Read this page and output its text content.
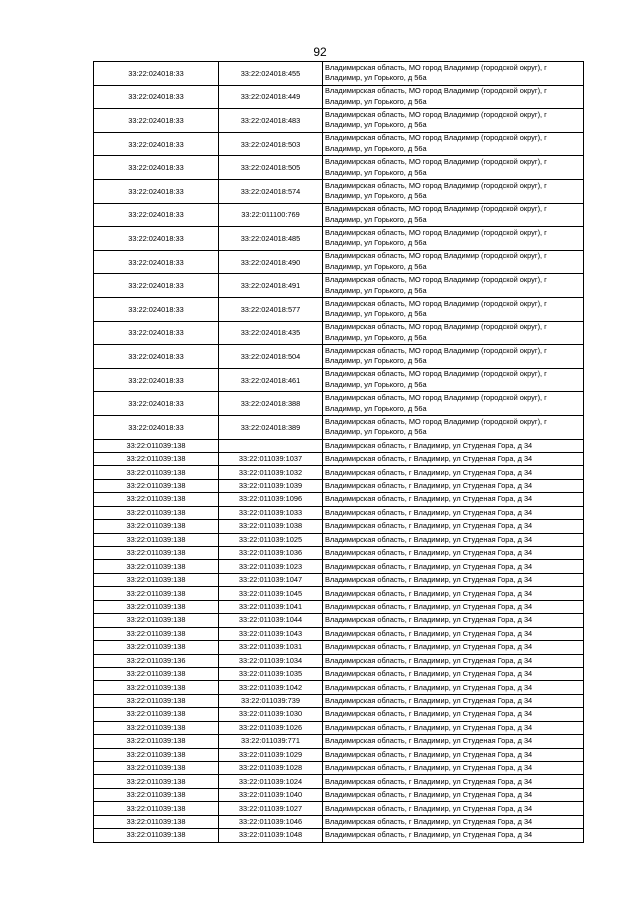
92
33:22:024018:33	33:22:024018:455	Владимирская область, МО город Владимир (городской округ), г Владимир, ул Горького, д 56а
33:22:024018:33	33:22:024018:449	Владимирская область, МО город Владимир (городской округ), г Владимир, ул Горького, д 56а
33:22:024018:33	33:22:024018:483	Владимирская область, МО город Владимир (городской округ), г Владимир, ул Горького, д 56а
33:22:024018:33	33:22:024018:503	Владимирская область, МО город Владимир (городской округ), г Владимир, ул Горького, д 56а
33:22:024018:33	33:22:024018:505	Владимирская область, МО город Владимир (городской округ), г Владимир, ул Горького, д 56а
33:22:024018:33	33:22:024018:574	Владимирская область, МО город Владимир (городской округ), г Владимир, ул Горького, д 56а
33:22:024018:33	33:22:011100:769	Владимирская область, МО город Владимир (городской округ), г Владимир, ул Горького, д 56а
33:22:024018:33	33:22:024018:485	Владимирская область, МО город Владимир (городской округ), г Владимир, ул Горького, д 56а
33:22:024018:33	33:22:024018:490	Владимирская область, МО город Владимир (городской округ), г Владимир, ул Горького, д 56а
33:22:024018:33	33:22:024018:491	Владимирская область, МО город Владимир (городской округ), г Владимир, ул Горького, д 56а
33:22:024018:33	33:22:024018:577	Владимирская область, МО город Владимир (городской округ), г Владимир, ул Горького, д 56а
33:22:024018:33	33:22:024018:435	Владимирская область, МО город Владимир (городской округ), г Владимир, ул Горького, д 56а
33:22:024018:33	33:22:024018:504	Владимирская область, МО город Владимир (городской округ), г Владимир, ул Горького, д 56а
33:22:024018:33	33:22:024018:461	Владимирская область, МО город Владимир (городской округ), г Владимир, ул Горького, д 56а
33:22:024018:33	33:22:024018:388	Владимирская область, МО город Владимир (городской округ), г Владимир, ул Горького, д 56а
33:22:024018:33	33:22:024018:389	Владимирская область, МО город Владимир (городской округ), г Владимир, ул Горького, д 56а
33:22:011039:138		Владимирская область, г Владимир, ул Студеная Гора, д 34
33:22:011039:138	33:22:011039:1037	Владимирская область, г Владимир, ул Студеная Гора, д 34
33:22:011039:138	33:22:011039:1032	Владимирская область, г Владимир, ул Студеная Гора, д 34
33:22:011039:138	33:22:011039:1039	Владимирская область, г Владимир, ул Студеная Гора, д 34
33:22:011039:138	33:22:011039:1096	Владимирская область, г Владимир, ул Студеная Гора, д 34
33:22:011039:138	33:22:011039:1033	Владимирская область, г Владимир, ул Студеная Гора, д 34
33:22:011039:138	33:22:011039:1038	Владимирская область, г Владимир, ул Студеная Гора, д 34
33:22:011039:138	33:22:011039:1025	Владимирская область, г Владимир, ул Студеная Гора, д 34
33:22:011039:138	33:22:011039:1036	Владимирская область, г Владимир, ул Студеная Гора, д 34
33:22:011039:138	33:22:011039:1023	Владимирская область, г Владимир, ул Студеная Гора, д 34
33:22:011039:138	33:22:011039:1047	Владимирская область, г Владимир, ул Студеная Гора, д 34
33:22:011039:138	33:22:011039:1045	Владимирская область, г Владимир, ул Студеная Гора, д 34
33:22:011039:138	33:22:011039:1041	Владимирская область, г Владимир, ул Студеная Гора, д 34
33:22:011039:138	33:22:011039:1044	Владимирская область, г Владимир, ул Студеная Гора, д 34
33:22:011039:138	33:22:011039:1043	Владимирская область, г Владимир, ул Студеная Гора, д 34
33:22:011039:138	33:22:011039:1031	Владимирская область, г Владимир, ул Студеная Гора, д 34
33:22:011039:136	33:22:011039:1034	Владимирская область, г Владимир, ул Студеная Гора, д 34
33:22:011039:138	33:22:011039:1035	Владимирская область, г Владимир, ул Студеная Гора, д 34
33:22:011039:138	33:22:011039:1042	Владимирская область, г Владимир, ул Студеная Гора, д 34
33:22:011039:138	33:22:011039:739	Владимирская область, г Владимир, ул Студеная Гора, д 34
33:22:011039:138	33:22:011039:1030	Владимирская область, г Владимир, ул Студеная Гора, д 34
33:22:011039:138	33:22:011039:1026	Владимирская область, г Владимир, ул Студеная Гора, д 34
33:22:011039:138	33:22:011039:771	Владимирская область, г Владимир, ул Студеная Гора, д 34
33:22:011039:138	33:22:011039:1029	Владимирская область, г Владимир, ул Студеная Гора, д 34
33:22:011039:138	33:22:011039:1028	Владимирская область, г Владимир, ул Студеная Гора, д 34
33:22:011039:138	33:22:011039:1024	Владимирская область, г Владимир, ул Студеная Гора, д 34
33:22:011039:138	33:22:011039:1040	Владимирская область, г Владимир, ул Студеная Гора, д 34
33:22:011039:138	33:22:011039:1027	Владимирская область, г Владимир, ул Студеная Гора, д 34
33:22:011039:138	33:22:011039:1046	Владимирская область, г Владимир, ул Студеная Гора, д 34
33:22:011039:138	33:22:011039:1048	Владимирская область, г Владимир, ул Студеная Гора, д 34
